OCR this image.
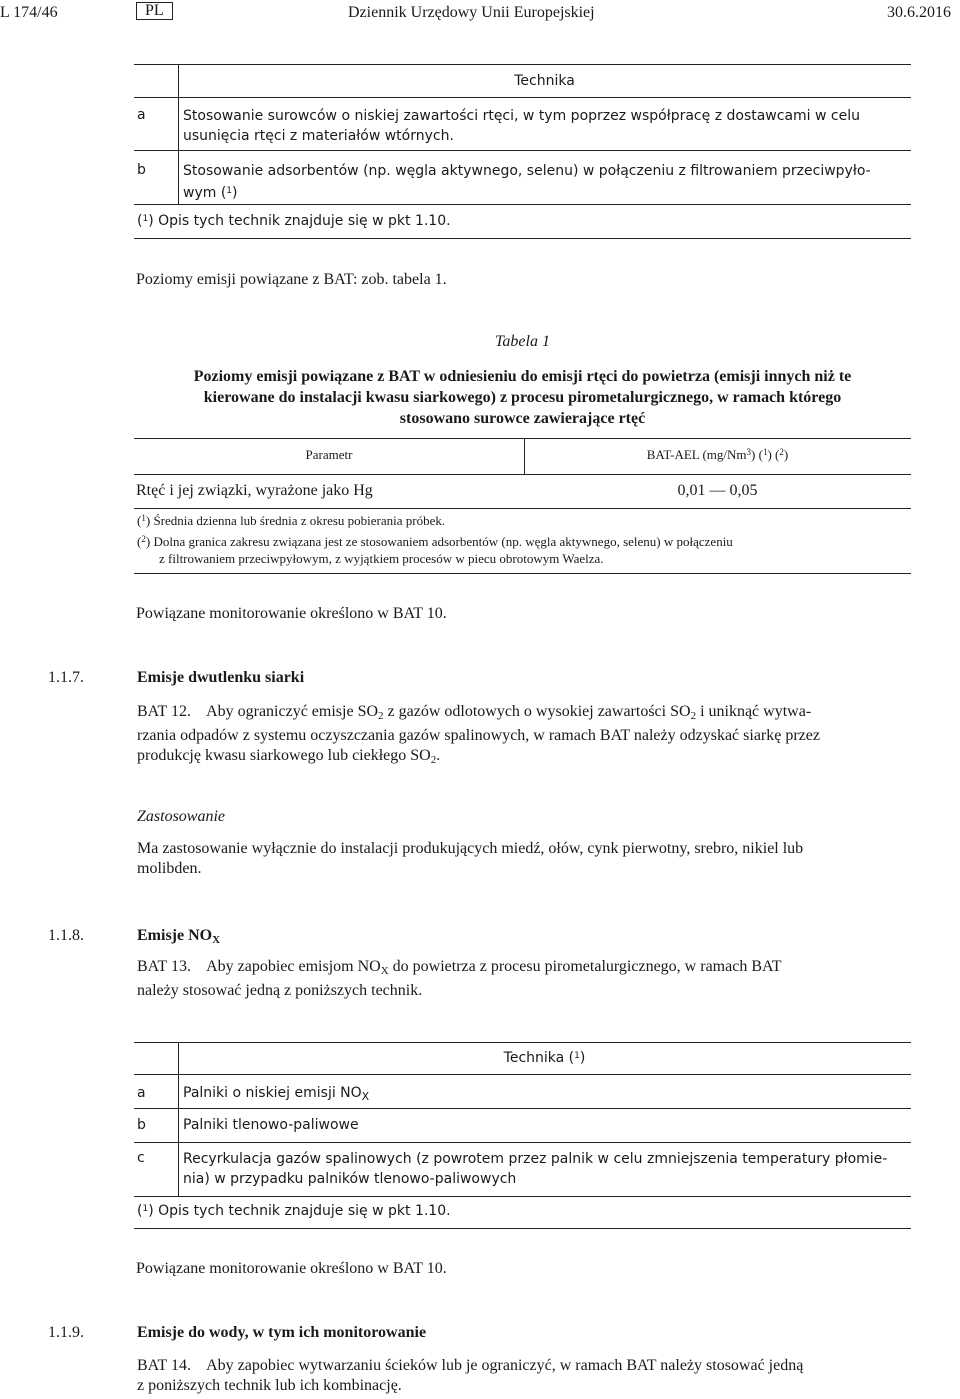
L 174/46	PL	Dziennik Urzędowy Unii Europejskiej	30.6.2016
Technika
a	Stosowanie surowców o niskiej zawartości rtęci, w tym poprzez współpracę z dostawcami w celu
usunięcia rtęci z materiałów wtórnych.
b	Stosowanie adsorbentów (np. węgla aktywnego, selenu) w połączeniu z filtrowaniem przeciwpyło-
wym ($^1$)
($^1$) Opis tych technik znajduje się w pkt 1.10.
Poziomy emisji powiązane z BAT: zob. tabela 1.
Tabela 1
Poziomy emisji powiązane z BAT w odniesieniu do emisji rtęci do powietrza (emisji innych niż te
kierowane do instalacji kwasu siarkowego) z procesu pirometalurgicznego, w ramach którego
stosowano surowce zawierające rtęć
Parametr	BAT-AEL (mg/Nm$^3$) ($^1$) ($^2$)
Rtęć i jej związki, wyrażone jako Hg	0,01 — 0,05
($^1$) Średnia dzienna lub średnia z okresu pobierania próbek.
($^2$) Dolna granica zakresu związana jest ze stosowaniem adsorbentów (np. węgla aktywnego, selenu) w połączeniu
z filtrowaniem przeciwpyłowym, z wyjątkiem procesów w piecu obrotowym Waelza.
Powiązane monitorowanie określono w BAT 10.
1.1.7.	Emisje dwutlenku siarki
BAT 12. Aby ograniczyć emisje $SO_2$ z gazów odlotowych o wysokiej zawartości $SO_2$ i uniknąć wytwa-
rzania odpadów z systemu oczyszczania gazów spalinowych, w ramach BAT należy odzyskać siarkę przez
produkcję kwasu siarkowego lub ciekłego $SO_2$.
Zastosowanie
Ma zastosowanie wyłącznie do instalacji produkujących miedź, ołów, cynk pierwotny, srebro, nikiel lub
molibden.
1.1.8.	Emisje $NO_X$
BAT 13. Aby zapobiec emisjom $NO_X$ do powietrza z procesu pirometalurgicznego, w ramach BAT
należy stosować jedną z poniższych technik.
Technika ($^1$)
a	Palniki o niskiej emisji $NO_X$
b	Palniki tlenowo-paliwowe
c	Recyrkulacja gazów spalinowych (z powrotem przez palnik w celu zmniejszenia temperatury płomie-
nia) w przypadku palników tlenowo-paliwowych
($^1$) Opis tych technik znajduje się w pkt 1.10.
Powiązane monitorowanie określono w BAT 10.
1.1.9.	Emisje do wody, w tym ich monitorowanie
BAT 14. Aby zapobiec wytwarzaniu ścieków lub je ograniczyć, w ramach BAT należy stosować jedną
z poniższych technik lub ich kombinację.
